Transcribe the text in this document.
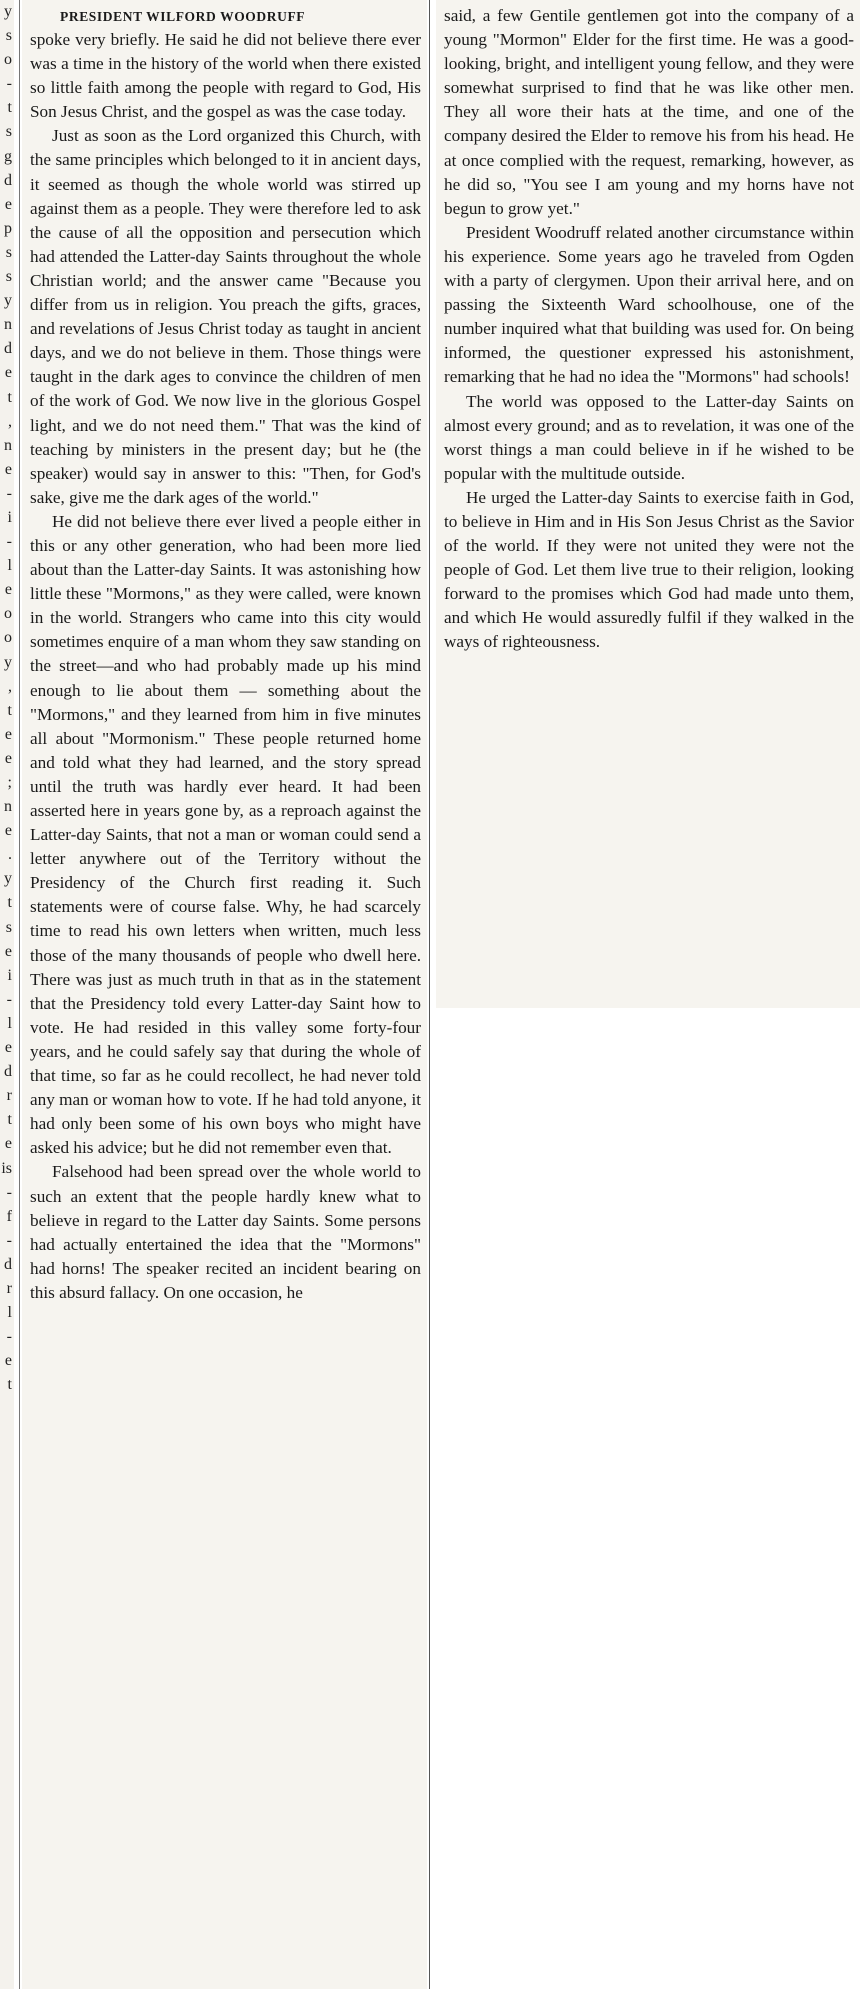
y
s
o
-
t
s
g
d
e
p
s
s
y
n
d
e
t
,
n
e
-
i
-
l
e
o
o
y
,
t
e
e
;
n
e
.
y
t
s
e
i
-
l
e
d
r
t
e
is
-
f
-
d
r
l
-
e
t
PRESIDENT WILFORD WOODRUFF

spoke very briefly. He said he did not believe there ever was a time in the history of the world when there existed so little faith among the people with regard to God, His Son Jesus Christ, and the gospel as was the case today.

Just as soon as the Lord organized this Church, with the same principles which belonged to it in ancient days, it seemed as though the whole world was stirred up against them as a people. They were therefore led to ask the cause of all the opposition and persecution which had attended the Latter-day Saints throughout the whole Christian world; and the answer came "Because you differ from us in religion. You preach the gifts, graces, and revelations of Jesus Christ today as taught in ancient days, and we do not believe in them. Those things were taught in the dark ages to convince the children of men of the work of God. We now live in the glorious Gospel light, and we do not need them." That was the kind of teaching by ministers in the present day; but he (the speaker) would say in answer to this: "Then, for God's sake, give me the dark ages of the world."

He did not believe there ever lived a people either in this or any other generation, who had been more lied about than the Latter-day Saints. It was astonishing how little these "Mormons," as they were called, were known in the world. Strangers who came into this city would sometimes enquire of a man whom they saw standing on the street—and who had probably made up his mind enough to lie about them — something about the "Mormons," and they learned from him in five minutes all about "Mormonism." These people returned home and told what they had learned, and the story spread until the truth was hardly ever heard. It had been asserted here in years gone by, as a reproach against the Latter-day Saints, that not a man or woman could send a letter anywhere out of the Territory without the Presidency of the Church first reading it. Such statements were of course false. Why, he had scarcely time to read his own letters when written, much less those of the many thousands of people who dwell here. There was just as much truth in that as in the statement that the Presidency told every Latter-day Saint how to vote. He had resided in this valley some forty-four years, and he could safely say that during the whole of that time, so far as he could recollect, he had never told any man or woman how to vote. If he had told anyone, it had only been some of his own boys who might have asked his advice; but he did not remember even that.

Falsehood had been spread over the whole world to such an extent that the people hardly knew what to believe in regard to the Latter day Saints. Some persons had actually entertained the idea that the "Mormons" had horns! The speaker recited an incident bearing on this absurd fallacy. On one occasion, he

said, a few Gentile gentlemen got into the company of a young "Mormon" Elder for the first time. He was a good-looking, bright, and intelligent young fellow, and they were somewhat surprised to find that he was like other men. They all wore their hats at the time, and one of the company desired the Elder to remove his from his head. He at once complied with the request, remarking, however, as he did so, "You see I am young and my horns have not begun to grow yet."

President Woodruff related another circumstance within his experience. Some years ago he traveled from Ogden with a party of clergymen. Upon their arrival here, and on passing the Sixteenth Ward schoolhouse, one of the number inquired what that building was used for. On being informed, the questioner expressed his astonishment, remarking that he had no idea the "Mormons" had schools!

The world was opposed to the Latter-day Saints on almost every ground; and as to revelation, it was one of the worst things a man could believe in if he wished to be popular with the multitude outside.

He urged the Latter-day Saints to exercise faith in God, to believe in Him and in His Son Jesus Christ as the Savior of the world. If they were not united they were not the people of God. Let them live true to their religion, looking forward to the promises which God had made unto them, and which He would assuredly fulfil if they walked in the ways of righteousness.
